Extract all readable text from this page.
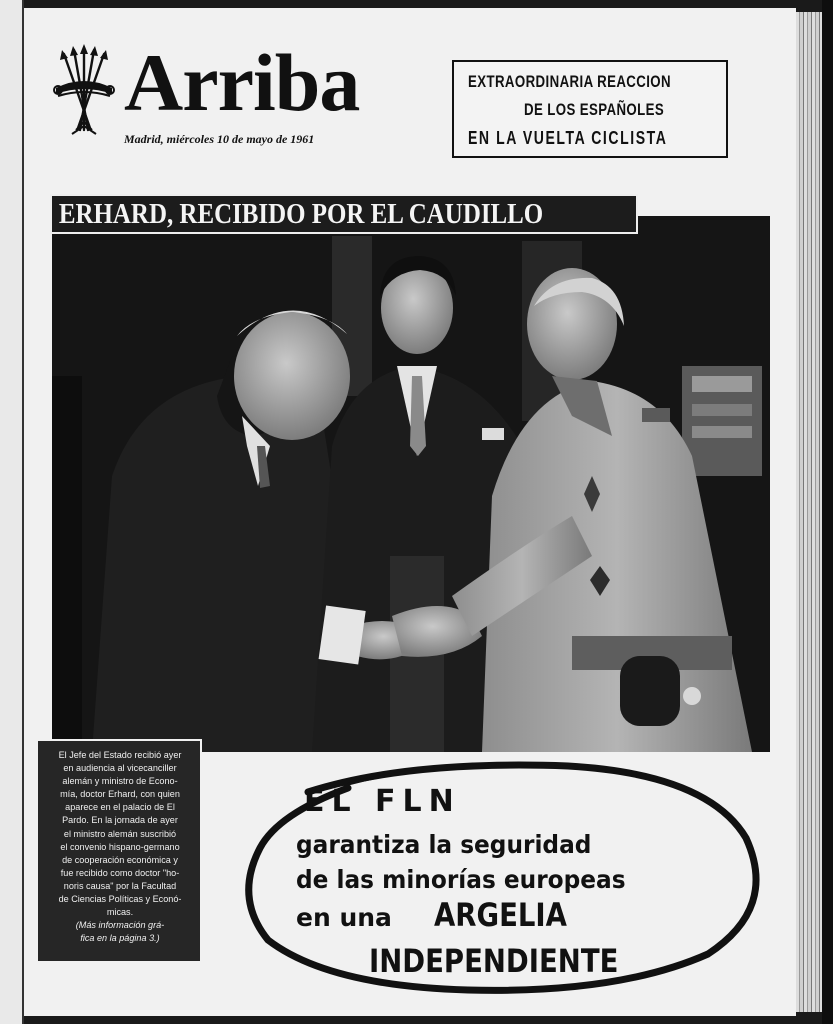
Arriba
Madrid, miércoles 10 de mayo de 1961
EXTRAORDINARIA REACCION
DE LOS ESPAÑOLES
EN LA VUELTA CICLISTA
ERHARD, RECIBIDO POR EL CAUDILLO
El Jefe del Estado recibió ayer
en audiencia al vicecanciller
alemán y ministro de Econo-
mía, doctor Erhard, con quien
aparece en el palacio de El
Pardo. En la jornada de ayer
el ministro alemán suscribió
el convenio hispano-germano
de cooperación económica y
fue recibido como doctor "ho-
noris causa" por la Facultad
de Ciencias Políticas y Econó-
micas.
(Más información grá-
fica en la página 3.)
EL FLN
garantiza la seguridad
de las minorías europeas
en una ARGELIA
INDEPENDIENTE
